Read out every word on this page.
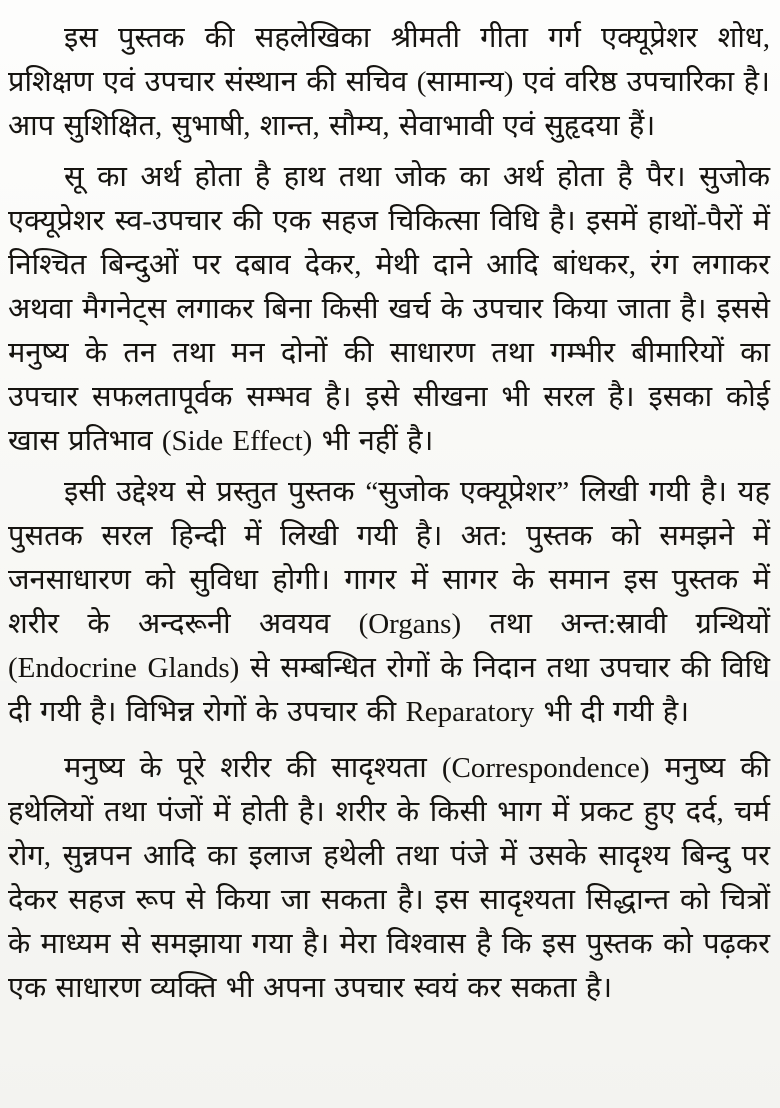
इस पुस्तक की सहलेखिका श्रीमती गीता गर्ग एक्यूप्रेशर शोध, प्रशिक्षण एवं उपचार संस्थान की सचिव (सामान्य) एवं वरिष्ठ उपचारिका है। आप सुशिक्षित, सुभाषी, शान्त, सौम्य, सेवाभावी एवं सुहृदया हैं।

सू का अर्थ होता है हाथ तथा जोक का अर्थ होता है पैर। सुजोक एक्यूप्रेशर स्व-उपचार की एक सहज चिकित्सा विधि है। इसमें हाथों-पैरों में निश्चित बिन्दुओं पर दबाव देकर, मेथी दाने आदि बांधकर, रंग लगाकर अथवा मैगनेट्स लगाकर बिना किसी खर्च के उपचार किया जाता है। इससे मनुष्य के तन तथा मन दोनों की साधारण तथा गम्भीर बीमारियों का उपचार सफलतापूर्वक सम्भव है। इसे सीखना भी सरल है। इसका कोई खास प्रतिभाव (Side Effect) भी नहीं है।

इसी उद्देश्य से प्रस्तुत पुस्तक “सुजोक एक्यूप्रेशर” लिखी गयी है। यह पुसतक सरल हिन्दी में लिखी गयी है। अत: पुस्तक को समझने में जनसाधारण को सुविधा होगी। गागर में सागर के समान इस पुस्तक में शरीर के अन्दरूनी अवयव (Organs) तथा अन्त:स्रावी ग्रन्थियों (Endocrine Glands) से सम्बन्धित रोगों के निदान तथा उपचार की विधि दी गयी है। विभिन्न रोगों के उपचार की Reparatory भी दी गयी है।

मनुष्य के पूरे शरीर की सादृश्यता (Correspondence) मनुष्य की हथेलियों तथा पंजों में होती है। शरीर के किसी भाग में प्रकट हुए दर्द, चर्म रोग, सुन्नपन आदि का इलाज हथेली तथा पंजे में उसके सादृश्य बिन्दु पर देकर सहज रूप से किया जा सकता है। इस सादृश्यता सिद्धान्त को चित्रों के माध्यम से समझाया गया है। मेरा विश्वास है कि इस पुस्तक को पढ़कर एक साधारण व्यक्ति भी अपना उपचार स्वयं कर सकता है।
